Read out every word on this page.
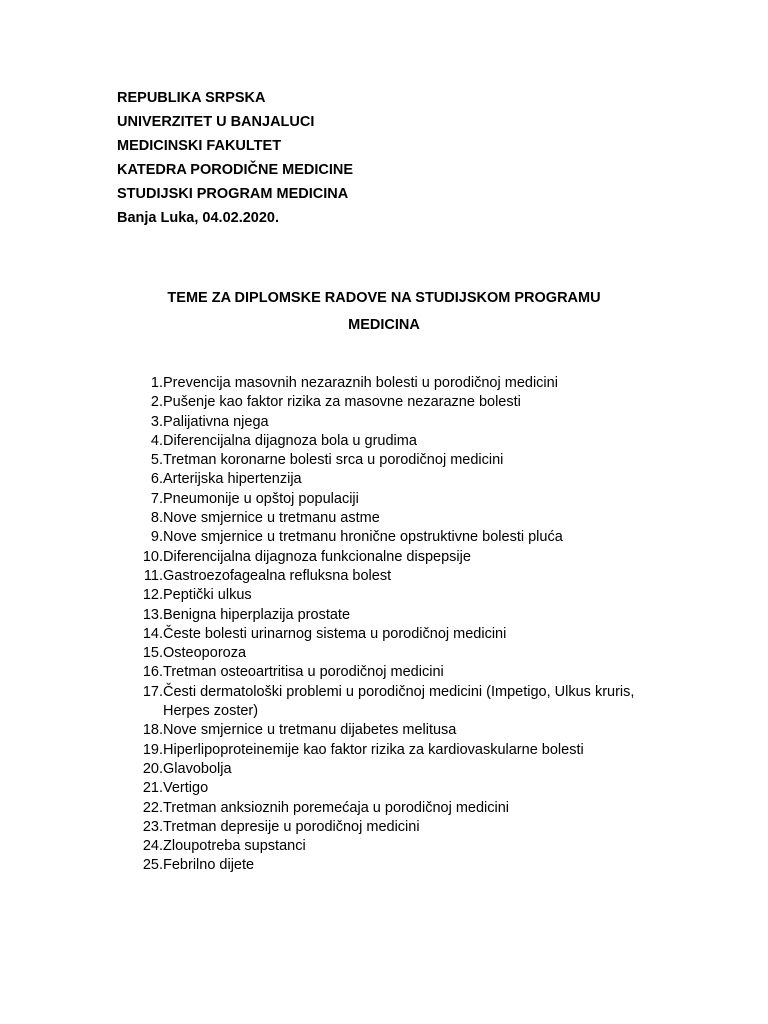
REPUBLIKA SRPSKA
UNIVERZITET U BANJALUCI
MEDICINSKI FAKULTET
KATEDRA PORODIČNE MEDICINE
STUDIJSKI PROGRAM MEDICINA
Banja Luka, 04.02.2020.
TEME ZA DIPLOMSKE RADOVE NA STUDIJSKOM PROGRAMU
MEDICINA
1. Prevencija masovnih nezaraznih bolesti u porodičnoj medicini
2. Pušenje kao faktor rizika za masovne nezarazne bolesti
3. Palijativna njega
4. Diferencijalna dijagnoza bola u grudima
5. Tretman koronarne bolesti srca u porodičnoj medicini
6. Arterijska hipertenzija
7. Pneumonije u opštoj populaciji
8. Nove smjernice u tretmanu astme
9. Nove smjernice u tretmanu hronične opstruktivne bolesti pluća
10. Diferencijalna dijagnoza funkcionalne dispepsije
11. Gastroezofagealna refluksna bolest
12. Peptički ulkus
13. Benigna hiperplazija prostate
14. Česte bolesti urinarnog sistema u porodičnoj medicini
15. Osteoporoza
16. Tretman osteoartritisa u porodičnoj medicini
17. Česti dermatološki problemi u porodičnoj medicini (Impetigo, Ulkus kruris, Herpes zoster)
18. Nove smjernice u tretmanu dijabetes melitusa
19. Hiperlipoproteinemije kao faktor rizika za kardiovaskularne bolesti
20. Glavobolja
21. Vertigo
22. Tretman anksioznih poremećaja u porodičnoj medicini
23. Tretman depresije u porodičnoj medicini
24. Zloupotreba supstanci
25. Febrilno dijete
